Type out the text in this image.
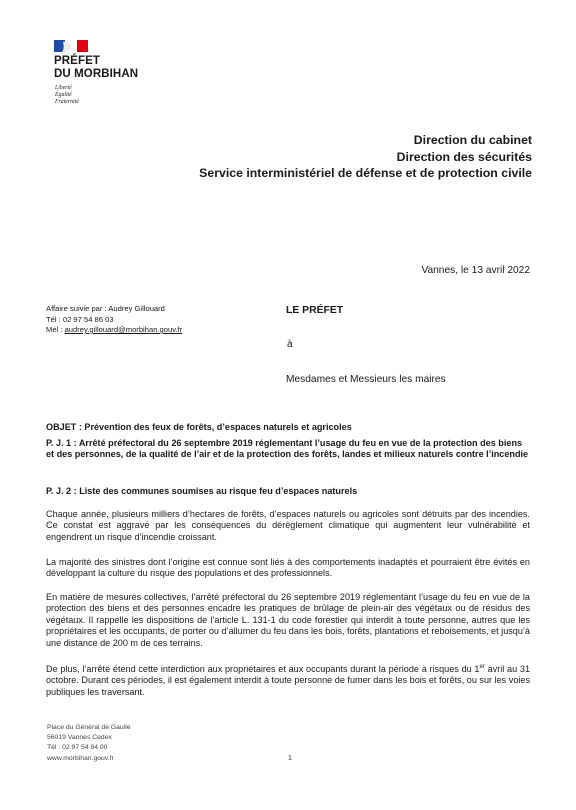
PRÉFET
DU MORBIHAN
Liberté
Égalité
Fraternité
Direction du cabinet
Direction des sécurités
Service interministériel de défense et de protection civile
Vannes, le 13 avril 2022
Affaire suivie par : Audrey Gillouard
Tél : 02 97 54 86 03
Mél : audrey.gillouard@morbihan.gouv.fr
LE PRÉFET
à
Mesdames et Messieurs les maires
OBJET : Prévention des feux de forêts, d’espaces naturels et agricoles
P. J. 1 : Arrêté préfectoral du 26 septembre 2019 réglementant l’usage du feu en vue de la protection des biens et des personnes, de la qualité de l’air et de la protection des forêts, landes et milieux naturels contre l’incendie
P. J. 2 : Liste des communes soumises au risque feu d’espaces naturels
Chaque année, plusieurs milliers d’hectares de forêts, d’espaces naturels ou agricoles sont détruits par des incendies. Ce constat est aggravé par les conséquences du dérèglement climatique qui augmentent leur vulnérabilité et engendrent un risque d’incendie croissant.
La majorité des sinistres dont l’origine est connue sont liés à des comportements inadaptés et pourraient être évités en développant la culture du risque des populations et des professionnels.
En matière de mesures collectives, l’arrêté préfectoral du 26 septembre 2019 réglementant l’usage du feu en vue de la protection des biens et des personnes encadre les pratiques de brûlage de plein-air des végétaux ou de résidus des végétaux. Il rappelle les dispositions de l’article L. 131-1 du code forestier qui interdit à toute personne, autres que les propriétaires et les occupants, de porter ou d’allumer du feu dans les bois, forêts, plantations et reboisements, et jusqu’à une distance de 200 m de ces terrains.
De plus, l’arrêté étend cette interdiction aux propriétaires et aux occupants durant la période à risques du 1er avril au 31 octobre. Durant ces périodes, il est également interdit à toute personne de fumer dans les bois et forêts, ou sur les voies publiques les traversant.
Place du Général de Gaulle
56019 Vannes Cedex
Tél : 02 97 54 84 00
www.morbihan.gouv.fr	1
